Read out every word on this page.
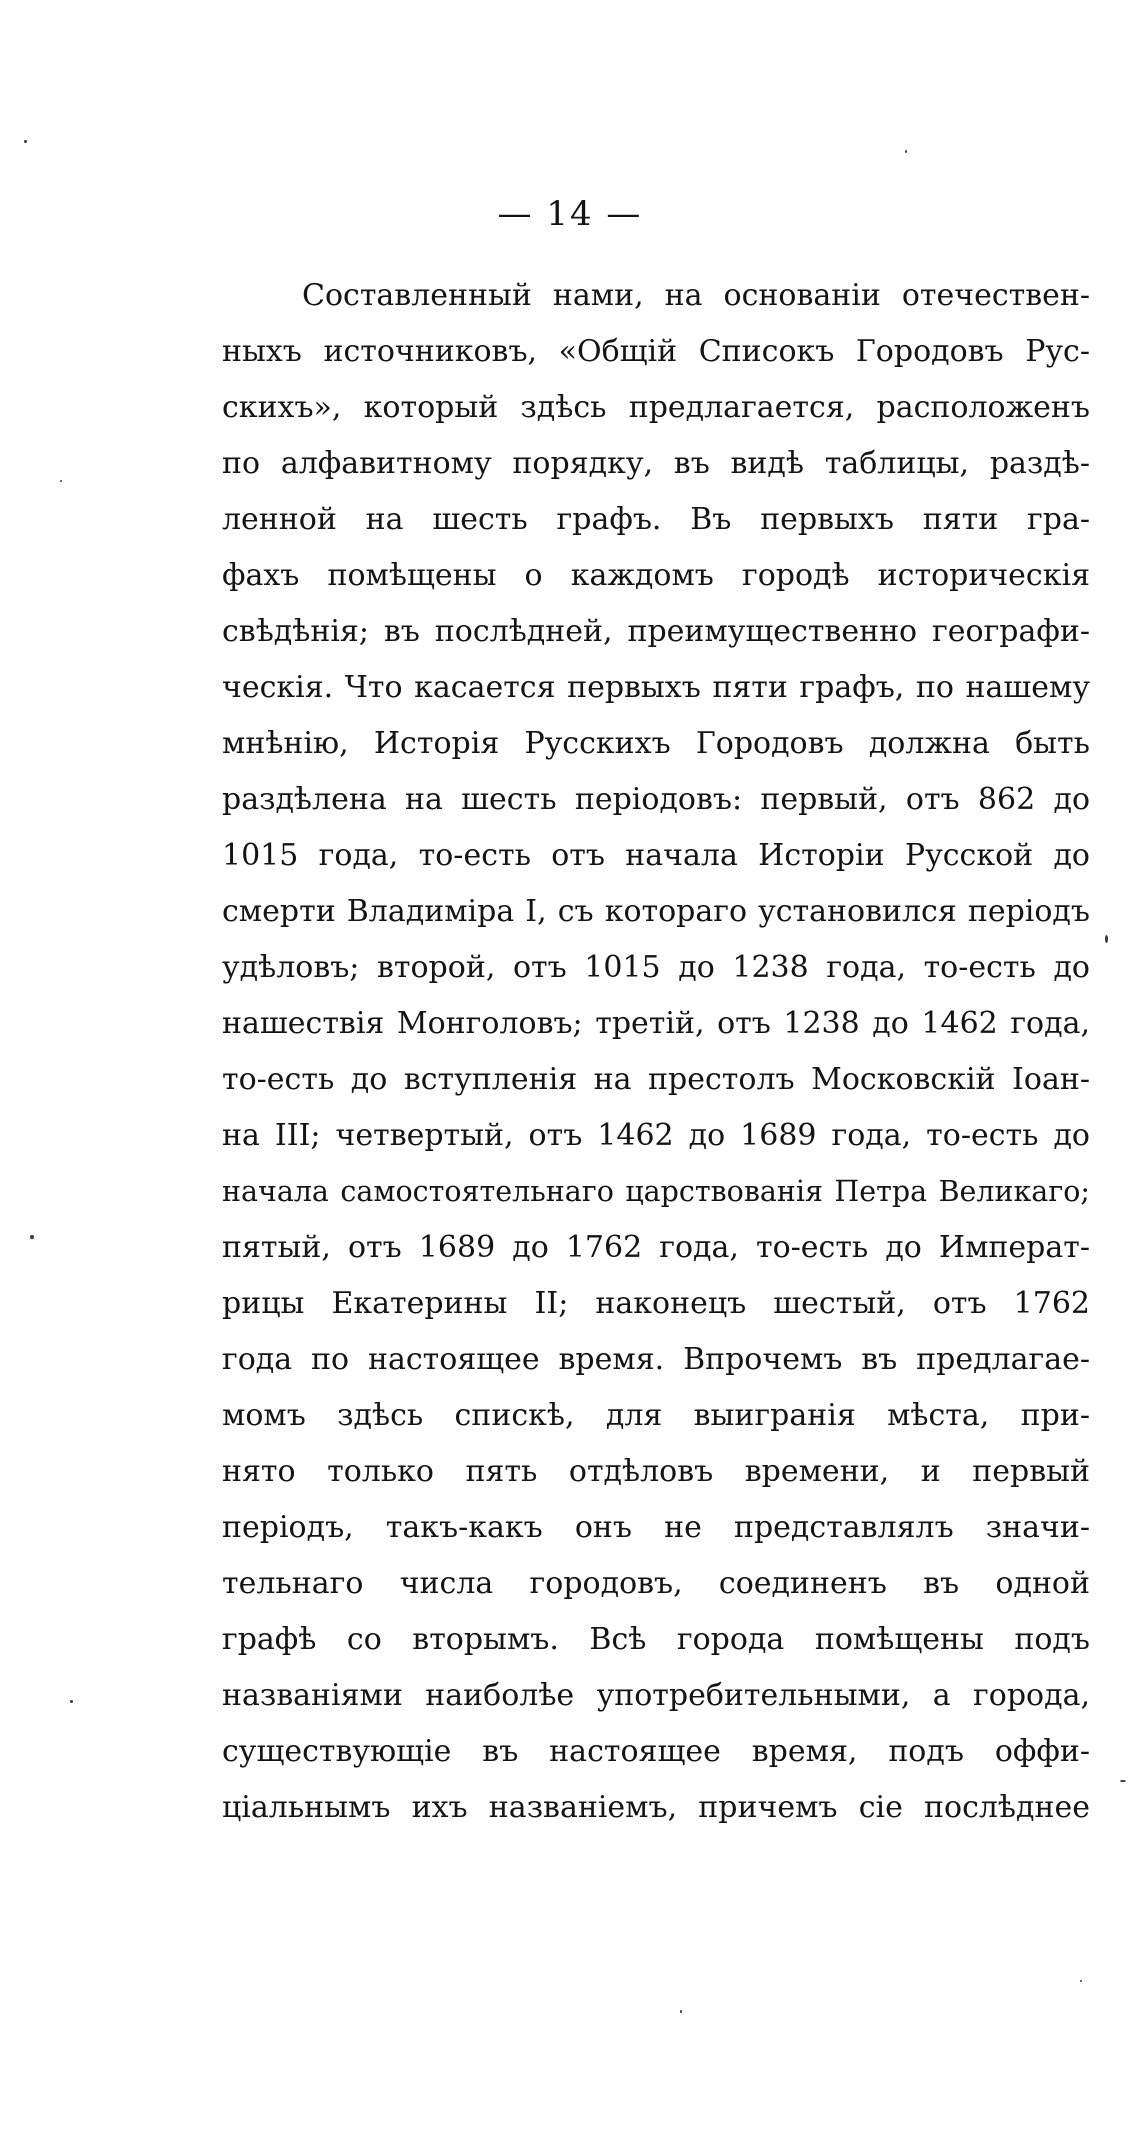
— 14 —
Составленный нами, на основаніи отечествен-
ныхъ источниковъ, «Общій Списокъ Городовъ Рус-
скихъ», который здѣсь предлагается, расположенъ
по алфавитному порядку, въ видѣ таблицы, раздѣ-
ленной на шесть графъ. Въ первыхъ пяти гра-
фахъ помѣщены о каждомъ городѣ историческія
свѣдѣнія; въ послѣдней, преимущественно географи-
ческія. Что касается первыхъ пяти графъ, по нашему
мнѣнію, Исторія Русскихъ Городовъ должна быть
раздѣлена на шесть періодовъ: первый, отъ 862 до
1015 года, то-есть отъ начала Исторіи Русской до
смерти Владиміра I, съ котораго установился періодъ
удѣловъ; второй, отъ 1015 до 1238 года, то-есть до
нашествія Монголовъ; третій, отъ 1238 до 1462 года,
то-есть до вступленія на престолъ Московскій Іоан-
на III; четвертый, отъ 1462 до 1689 года, то-есть до
начала самостоятельнаго царствованія Петра Великаго;
пятый, отъ 1689 до 1762 года, то-есть до Императ-
рицы Екатерины II; наконецъ шестый, отъ 1762
года по настоящее время. Впрочемъ въ предлагае-
момъ здѣсь спискѣ, для выигранія мѣста, при-
нято только пять отдѣловъ времени, и первый
періодъ, такъ-какъ онъ не представлялъ значи-
тельнаго числа городовъ, соединенъ въ одной
графѣ со вторымъ. Всѣ города помѣщены подъ
названіями наиболѣе употребительными, а города,
существующіе въ настоящее время, подъ оффи-
ціальнымъ ихъ названіемъ, причемъ сіе послѣднее
